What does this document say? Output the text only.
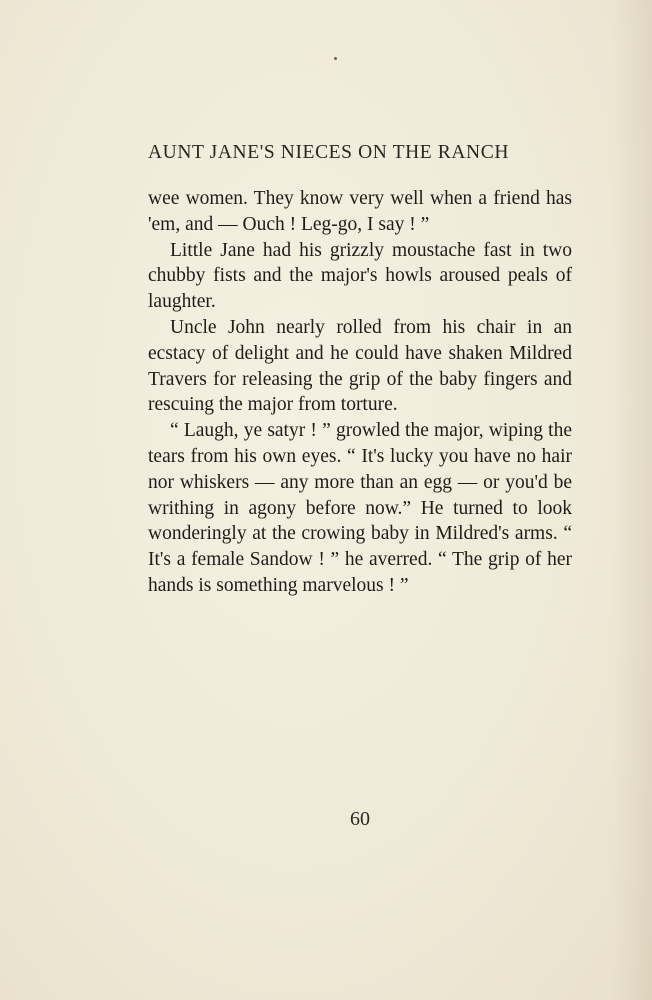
AUNT JANE'S NIECES ON THE RANCH

wee women. They know very well when a friend has 'em, and — Ouch ! Leg-go, I say ! ”

Little Jane had his grizzly moustache fast in two chubby fists and the major's howls aroused peals of laughter.

Uncle John nearly rolled from his chair in an ecstacy of delight and he could have shaken Mildred Travers for releasing the grip of the baby fingers and rescuing the major from torture.

“ Laugh, ye satyr ! ” growled the major, wiping the tears from his own eyes. “ It's lucky you have no hair nor whiskers — any more than an egg — or you'd be writhing in agony before now.” He turned to look wonderingly at the crowing baby in Mildred's arms. “ It's a female Sandow ! ” he averred. “ The grip of her hands is something marvelous ! ”

60
